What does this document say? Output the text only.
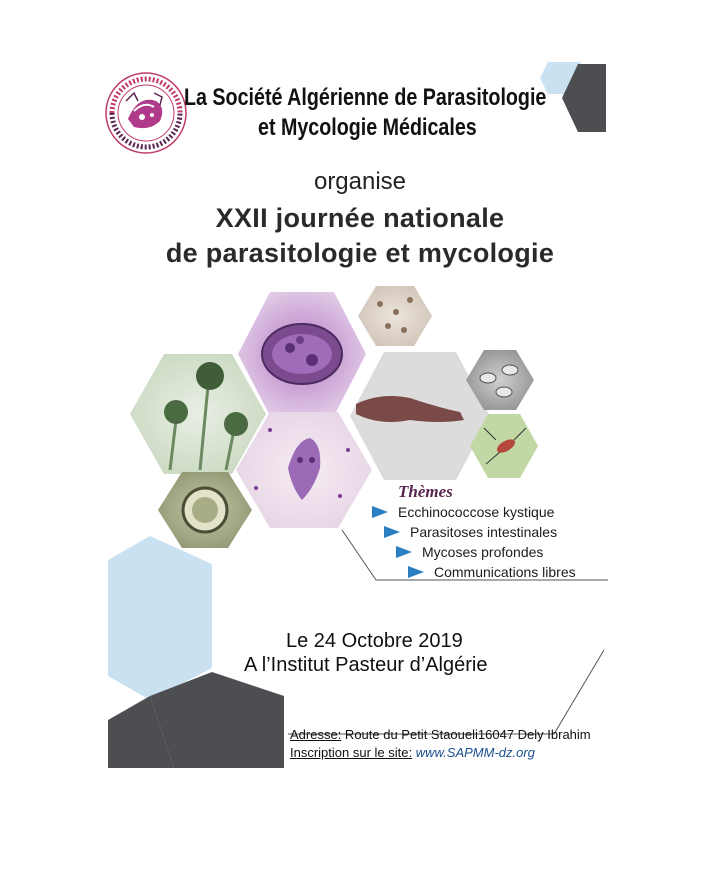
La Société Algérienne de Parasitologie
et Mycologie Médicales
organise
XXII journée nationale
de parasitologie et mycologie
Thèmes
Ecchinococcose kystique
Parasitoses intestinales
Mycoses profondes
Communications libres
Le 24 Octobre 2019
A l’Institut Pasteur d’Algérie
Adresse: Route du Petit Staoueli16047 Dely Ibrahim
Inscription sur le site: www.SAPMM-dz.org
